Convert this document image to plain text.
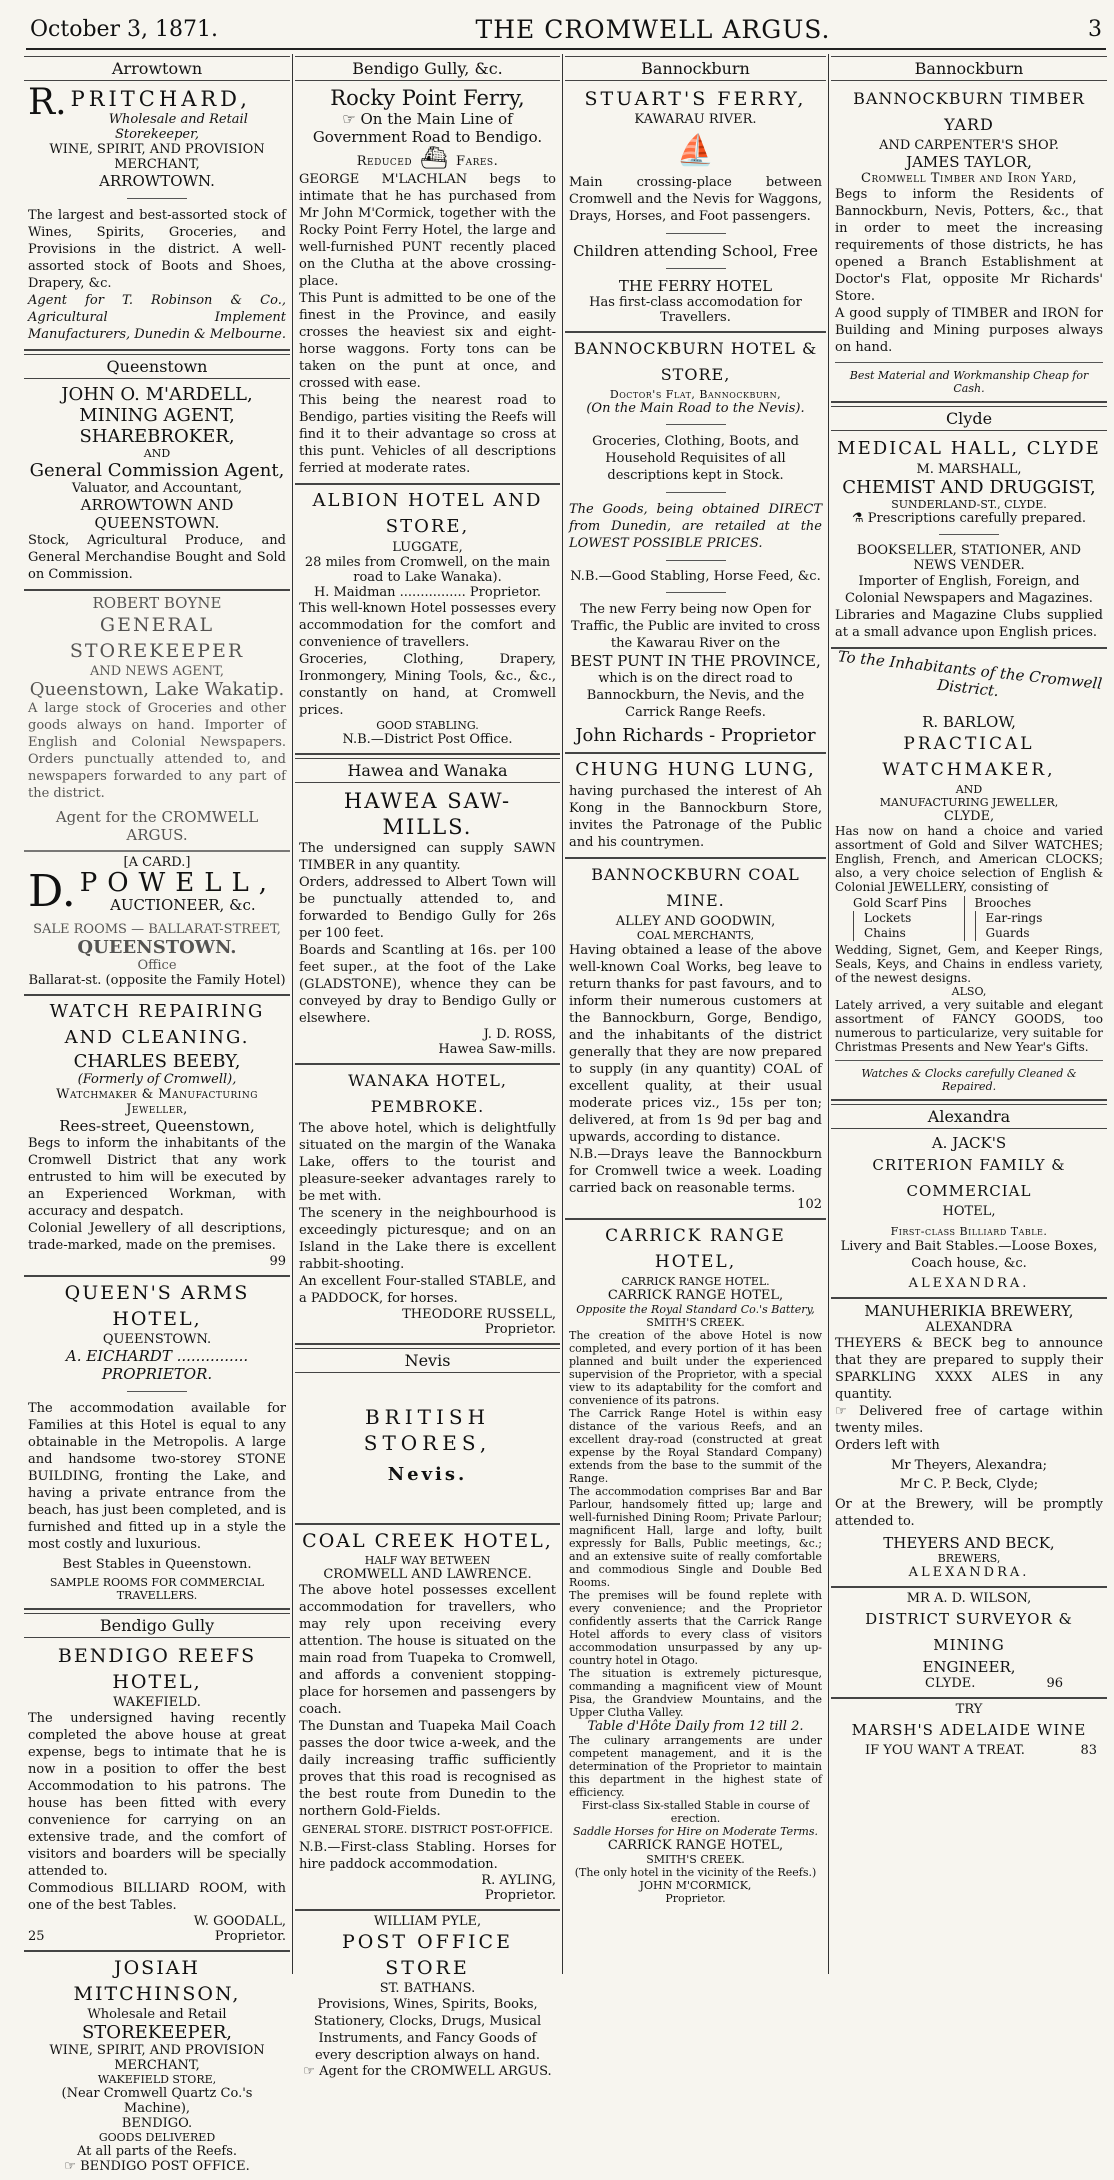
October 3, 1871.	THE CROMWELL ARGUS.	3
Arrowtown
R. PRITCHARD,
Wholesale and Retail Storekeeper,
WINE, SPIRIT, AND PROVISION MERCHANT,
ARROWTOWN.

The largest and best-assorted stock of Wines, Spirits, Groceries, and Provisions in the district. A well-assorted stock of Boots and Shoes, Drapery, &c.

Agent for T. Robinson & Co., Agricultural Implement Manufacturers, Dunedin & Melbourne.

Queenstown
JOHN O. M'ARDELL,
MINING AGENT, SHAREBROKER,
AND
General Commission Agent,
Valuator, and Accountant,
ARROWTOWN AND QUEENSTOWN.

Stock, Agricultural Produce, and General Merchandise Bought and Sold on Commission.

ROBERT BOYNE
GENERAL STOREKEEPER
AND NEWS AGENT,
Queenstown, Lake Wakatip.

A large stock of Groceries and other goods always on hand. Importer of English and Colonial Newspapers. Orders punctually attended to, and newspapers forwarded to any part of the district.

Agent for the CROMWELL ARGUS.
[A CARD.]
D. POWELL,
AUCTIONEER, &c.
SALE ROOMS — BALLARAT-STREET,
QUEENSTOWN.
Office
Ballarat-st. (opposite the Family Hotel)
WATCH REPAIRING AND CLEANING.
CHARLES BEEBY,
(Formerly of Cromwell),
Watchmaker & Manufacturing Jeweller,
Rees-street, Queenstown,

Begs to inform the inhabitants of the Cromwell District that any work entrusted to him will be executed by an Experienced Workman, with accuracy and despatch.

Colonial Jewellery of all descriptions, trade-marked, made on the premises.

99
QUEEN'S ARMS HOTEL,
QUEENSTOWN.
A. EICHARDT ............... PROPRIETOR.

The accommodation available for Families at this Hotel is equal to any obtainable in the Metropolis. A large and handsome two-storey STONE BUILDING, fronting the Lake, and having a private entrance from the beach, has just been completed, and is furnished and fitted up in a style the most costly and luxurious.

Best Stables in Queenstown.
SAMPLE ROOMS FOR COMMERCIAL TRAVELLERS.
Bendigo Gully
BENDIGO REEFS HOTEL,
WAKEFIELD.

The undersigned having recently completed the above house at great expense, begs to intimate that he is now in a position to offer the best Accommodation to his patrons. The house has been fitted with every convenience for carrying on an extensive trade, and the comfort of visitors and boarders will be specially attended to.

Commodious BILLIARD ROOM, with one of the best Tables.

W. GOODALL,
25	Proprietor.
JOSIAH MITCHINSON,
Wholesale and Retail
STOREKEEPER,
WINE, SPIRIT, AND PROVISION MERCHANT,
WAKEFIELD STORE,
(Near Cromwell Quartz Co.'s Machine),
BENDIGO.
GOODS DELIVERED
At all parts of the Reefs.
☞ BENDIGO POST OFFICE.
Bendigo Gully, &c.
Rocky Point Ferry,
☞ On the Main Line of Government Road to Bendigo.
Reduced ⛴ Fares.

GEORGE M'LACHLAN begs to intimate that he has purchased from Mr John M'Cormick, together with the Rocky Point Ferry Hotel, the large and well-furnished PUNT recently placed on the Clutha at the above crossing-place.

This Punt is admitted to be one of the finest in the Province, and easily crosses the heaviest six and eight-horse waggons. Forty tons can be taken on the punt at once, and crossed with ease.

This being the nearest road to Bendigo, parties visiting the Reefs will find it to their advantage so cross at this punt. Vehicles of all descriptions ferried at moderate rates.

ALBION HOTEL AND STORE,
LUGGATE,
28 miles from Cromwell, on the main road to Lake Wanaka).
H. Maidman ................ Proprietor.

This well-known Hotel possesses every accommodation for the comfort and convenience of travellers.

Groceries, Clothing, Drapery, Ironmongery, Mining Tools, &c., &c., constantly on hand, at Cromwell prices.

GOOD STABLING.
N.B.—District Post Office.
Hawea and Wanaka
HAWEA SAW-MILLS.

The undersigned can supply SAWN TIMBER in any quantity.

Orders, addressed to Albert Town will be punctually attended to, and forwarded to Bendigo Gully for 26s per 100 feet.

Boards and Scantling at 16s. per 100 feet super., at the foot of the Lake (GLADSTONE), whence they can be conveyed by dray to Bendigo Gully or elsewhere.

J. D. ROSS,
Hawea Saw-mills.
WANAKA HOTEL, PEMBROKE.

The above hotel, which is delightfully situated on the margin of the Wanaka Lake, offers to the tourist and pleasure-seeker advantages rarely to be met with.

The scenery in the neighbourhood is exceedingly picturesque; and on an Island in the Lake there is excellent rabbit-shooting.

An excellent Four-stalled STABLE, and a PADDOCK, for horses.

THEODORE RUSSELL,
Proprietor.
Nevis
BRITISH STORES,
Nevis.
COAL CREEK HOTEL,
HALF WAY BETWEEN
CROMWELL AND LAWRENCE.

The above hotel possesses excellent accommodation for travellers, who may rely upon receiving every attention. The house is situated on the main road from Tuapeka to Cromwell, and affords a convenient stopping-place for horsemen and passengers by coach.

The Dunstan and Tuapeka Mail Coach passes the door twice a-week, and the daily increasing traffic sufficiently proves that this road is recognised as the best route from Dunedin to the northern Gold-Fields.

GENERAL STORE. DISTRICT POST-OFFICE.

N.B.—First-class Stabling. Horses for hire paddock accommodation.

R. AYLING,
Proprietor.
WILLIAM PYLE,
POST OFFICE STORE
ST. BATHANS.

Provisions, Wines, Spirits, Books, Stationery, Clocks, Drugs, Musical Instruments, and Fancy Goods of every description always on hand.

☞ Agent for the CROMWELL ARGUS.
Bannockburn
STUART'S FERRY,
KAWARAU RIVER.
⛵

Main crossing-place between Cromwell and the Nevis for Waggons, Drays, Horses, and Foot passengers.

Children attending School, Free
THE FERRY HOTEL
Has first-class accomodation for Travellers.
BANNOCKBURN HOTEL & STORE,
Doctor's Flat, Bannockburn,
(On the Main Road to the Nevis).

Groceries, Clothing, Boots, and Household Requisites of all descriptions kept in Stock.

The Goods, being obtained DIRECT from Dunedin, are retailed at the LOWEST POSSIBLE PRICES.

N.B.—Good Stabling, Horse Feed, &c.

The new Ferry being now Open for Traffic, the Public are invited to cross the Kawarau River on the

BEST PUNT IN THE PROVINCE,

which is on the direct road to Bannockburn, the Nevis, and the Carrick Range Reefs.

John Richards - Proprietor
CHUNG HUNG LUNG,

having purchased the interest of Ah Kong in the Bannockburn Store, invites the Patronage of the Public and his countrymen.

BANNOCKBURN COAL MINE.
ALLEY AND GOODWIN,
COAL MERCHANTS,

Having obtained a lease of the above well-known Coal Works, beg leave to return thanks for past favours, and to inform their numerous customers at the Bannockburn, Gorge, Bendigo, and the inhabitants of the district generally that they are now prepared to supply (in any quantity) COAL of excellent quality, at their usual moderate prices viz., 15s per ton; delivered, at from 1s 9d per bag and upwards, according to distance.

N.B.—Drays leave the Bannockburn for Cromwell twice a week. Loading carried back on reasonable terms.

102
CARRICK RANGE HOTEL,
CARRICK RANGE HOTEL.
CARRICK RANGE HOTEL,
Opposite the Royal Standard Co.'s Battery,
SMITH'S CREEK.

The creation of the above Hotel is now completed, and every portion of it has been planned and built under the experienced supervision of the Proprietor, with a special view to its adaptability for the comfort and convenience of its patrons.

The Carrick Range Hotel is within easy distance of the various Reefs, and an excellent dray-road (constructed at great expense by the Royal Standard Company) extends from the base to the summit of the Range.

The accommodation comprises Bar and Bar Parlour, handsomely fitted up; large and well-furnished Dining Room; Private Parlour; magnificent Hall, large and lofty, built expressly for Balls, Public meetings, &c.; and an extensive suite of really comfortable and commodious Single and Double Bed Rooms.

The premises will be found replete with every convenience; and the Proprietor confidently asserts that the Carrick Range Hotel affords to every class of visitors accommodation unsurpassed by any up-country hotel in Otago.

The situation is extremely picturesque, commanding a magnificent view of Mount Pisa, the Grandview Mountains, and the Upper Clutha Valley.

Table d'Hôte Daily from 12 till 2.

The culinary arrangements are under competent management, and it is the determination of the Proprietor to maintain this department in the highest state of efficiency.

First-class Six-stalled Stable in course of erection.
Saddle Horses for Hire on Moderate Terms.
CARRICK RANGE HOTEL,
SMITH'S CREEK.
(The only hotel in the vicinity of the Reefs.)
JOHN M'CORMICK,
Proprietor.
Bannockburn
BANNOCKBURN TIMBER YARD
AND CARPENTER'S SHOP.
JAMES TAYLOR,
Cromwell Timber and Iron Yard,

Begs to inform the Residents of Bannockburn, Nevis, Potters, &c., that in order to meet the increasing requirements of those districts, he has opened a Branch Establishment at Doctor's Flat, opposite Mr Richards' Store.

A good supply of TIMBER and IRON for Building and Mining purposes always on hand.

Best Material and Workmanship Cheap for Cash.
Clyde
MEDICAL HALL, CLYDE
M. MARSHALL,
CHEMIST AND DRUGGIST,
SUNDERLAND-ST., CLYDE.
⚗ Prescriptions carefully prepared.
BOOKSELLER, STATIONER, AND NEWS VENDER.

Importer of English, Foreign, and Colonial Newspapers and Magazines.

Libraries and Magazine Clubs supplied at a small advance upon English prices.

To the Inhabitants of the Cromwell District.
R. BARLOW,
PRACTICAL WATCHMAKER,
AND
MANUFACTURING JEWELLER,
CLYDE,

Has now on hand a choice and varied assortment of Gold and Silver WATCHES; English, French, and American CLOCKS; also, a very choice selection of English & Colonial JEWELLERY, consisting of

Gold Scarf Pins
Lockets
Chains
Brooches
Ear-rings
Guards

Wedding, Signet, Gem, and Keeper Rings, Seals, Keys, and Chains in endless variety, of the newest designs.

ALSO,

Lately arrived, a very suitable and elegant assortment of FANCY GOODS, too numerous to particularize, very suitable for Christmas Presents and New Year's Gifts.

Watches & Clocks carefully Cleaned & Repaired.
Alexandra
A. JACK'S
CRITERION FAMILY & COMMERCIAL
HOTEL,
First-class Billiard Table.

Livery and Bait Stables.—Loose Boxes, Coach house, &c.

ALEXANDRA.
MANUHERIKIA BREWERY,
ALEXANDRA

THEYERS & BECK beg to announce that they are prepared to supply their SPARKLING XXXX ALES in any quantity.

☞ Delivered free of cartage within twenty miles.

Orders left with

Mr Theyers, Alexandra;
Mr C. P. Beck, Clyde;

Or at the Brewery, will be promptly attended to.

THEYERS AND BECK,
BREWERS,
ALEXANDRA.
MR A. D. WILSON,
DISTRICT SURVEYOR & MINING
ENGINEER,
CLYDE.	96
TRY
MARSH'S ADELAIDE WINE
IF YOU WANT A TREAT.	83
